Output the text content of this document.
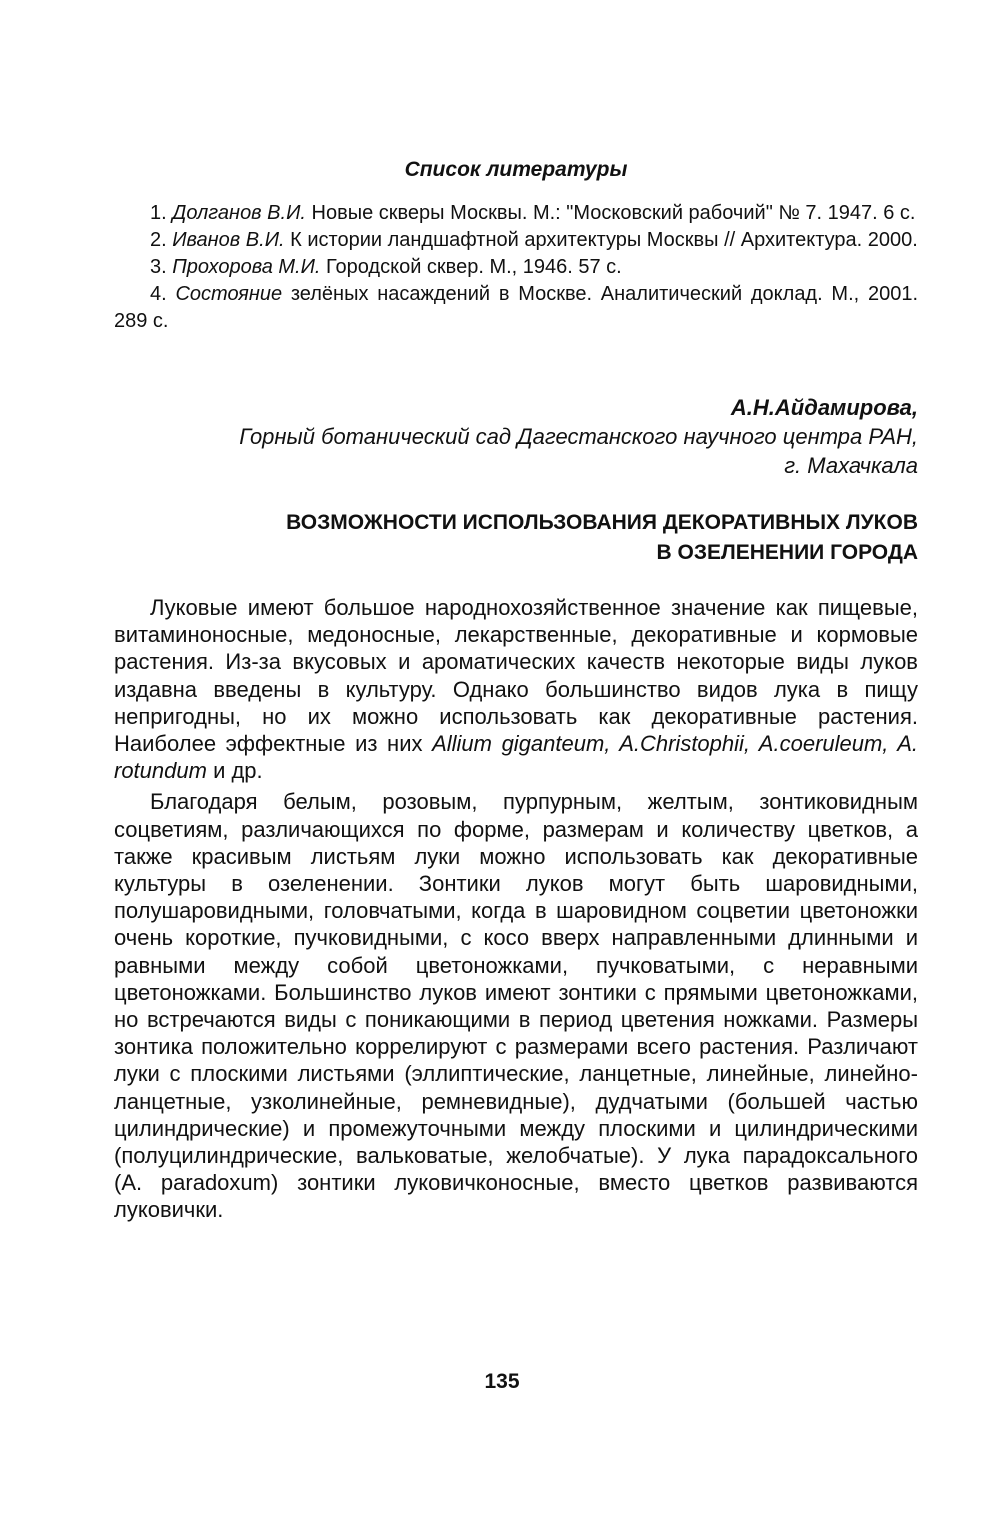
Список литературы

1. Долганов В.И. Новые скверы Москвы. М.: "Московский рабочий" № 7. 1947. 6 с.

2. Иванов В.И. К истории ландшафтной архитектуры Москвы // Архитектура. 2000.

3. Прохорова М.И. Городской сквер. М., 1946. 57 с.

4. Состояние зелёных насаждений в Москве. Аналитический доклад. М., 2001. 289 с.

А.Н.Айдамирова,
Горный ботанический сад Дагестанского научного центра РАН,
г. Махачкала
ВОЗМОЖНОСТИ ИСПОЛЬЗОВАНИЯ ДЕКОРАТИВНЫХ ЛУКОВ
В ОЗЕЛЕНЕНИИ ГОРОДА

Луковые имеют большое народнохозяйственное значение как пищевые, витаминоносные, медоносные, лекарственные, декоративные и кормовые растения. Из-за вкусовых и ароматических качеств некоторые виды луков издавна введены в культуру. Однако большинство видов лука в пищу непригодны, но их можно использовать как декоративные растения. Наиболее эффектные из них Allium giganteum, A.Christophii, A.coeruleum, A. rotundum и др.

Благодаря белым, розовым, пурпурным, желтым, зонтиковидным соцветиям, различающихся по форме, размерам и количеству цветков, а также красивым листьям луки можно использовать как декоративные культуры в озеленении. Зонтики луков могут быть шаровидными, полушаровидными, головчатыми, когда в шаровидном соцветии цветоножки очень короткие, пучковидными, с косо вверх направленными длинными и равными между собой цветоножками, пучковатыми, с неравными цветоножками. Большинство луков имеют зонтики с прямыми цветоножками, но встречаются виды с поникающими в период цветения ножками. Размеры зонтика положительно коррелируют с размерами всего растения. Различают луки с плоскими листьями (эллиптические, ланцетные, линейные, линейно-ланцетные, узколинейные, ремневидные), дудчатыми (большей частью цилиндрические) и промежуточными между плоскими и цилиндрическими (полуцилиндрические, вальковатые, желобчатые). У лука парадоксального (A. paradoxum) зонтики луковичконосные, вместо цветков развиваются луковички.

135
